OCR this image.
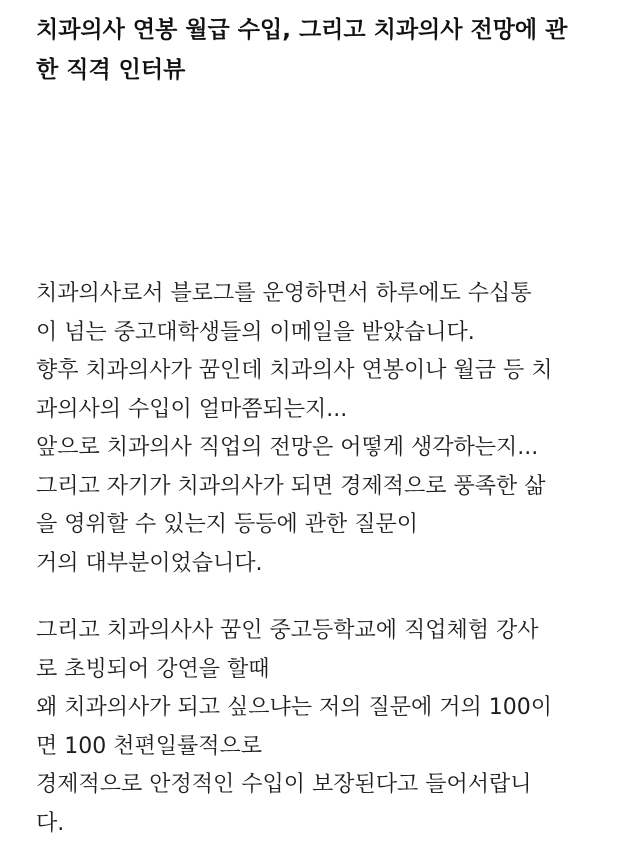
치과의사 연봉 월급 수입, 그리고 치과의사 전망에 관
한 직격 인터뷰
치과의사로서 블로그를 운영하면서 하루에도 수십통
이 넘는 중고대학생들의 이메일을 받았습니다.
향후 치과의사가 꿈인데 치과의사 연봉이나 월금 등 치
과의사의 수입이 얼마쯤되는지...
앞으로 치과의사 직업의 전망은 어떻게 생각하는지...
그리고 자기가 치과의사가 되면 경제적으로 풍족한 삶
을 영위할 수 있는지 등등에 관한 질문이
거의 대부분이었습니다.
그리고 치과의사사 꿈인 중고등학교에 직업체험 강사
로 초빙되어 강연을 할때
왜 치과의사가 되고 싶으냐는 저의 질문에 거의 100이
면 100 천편일률적으로
경제적으로 안정적인 수입이 보장된다고 들어서랍니
다.
